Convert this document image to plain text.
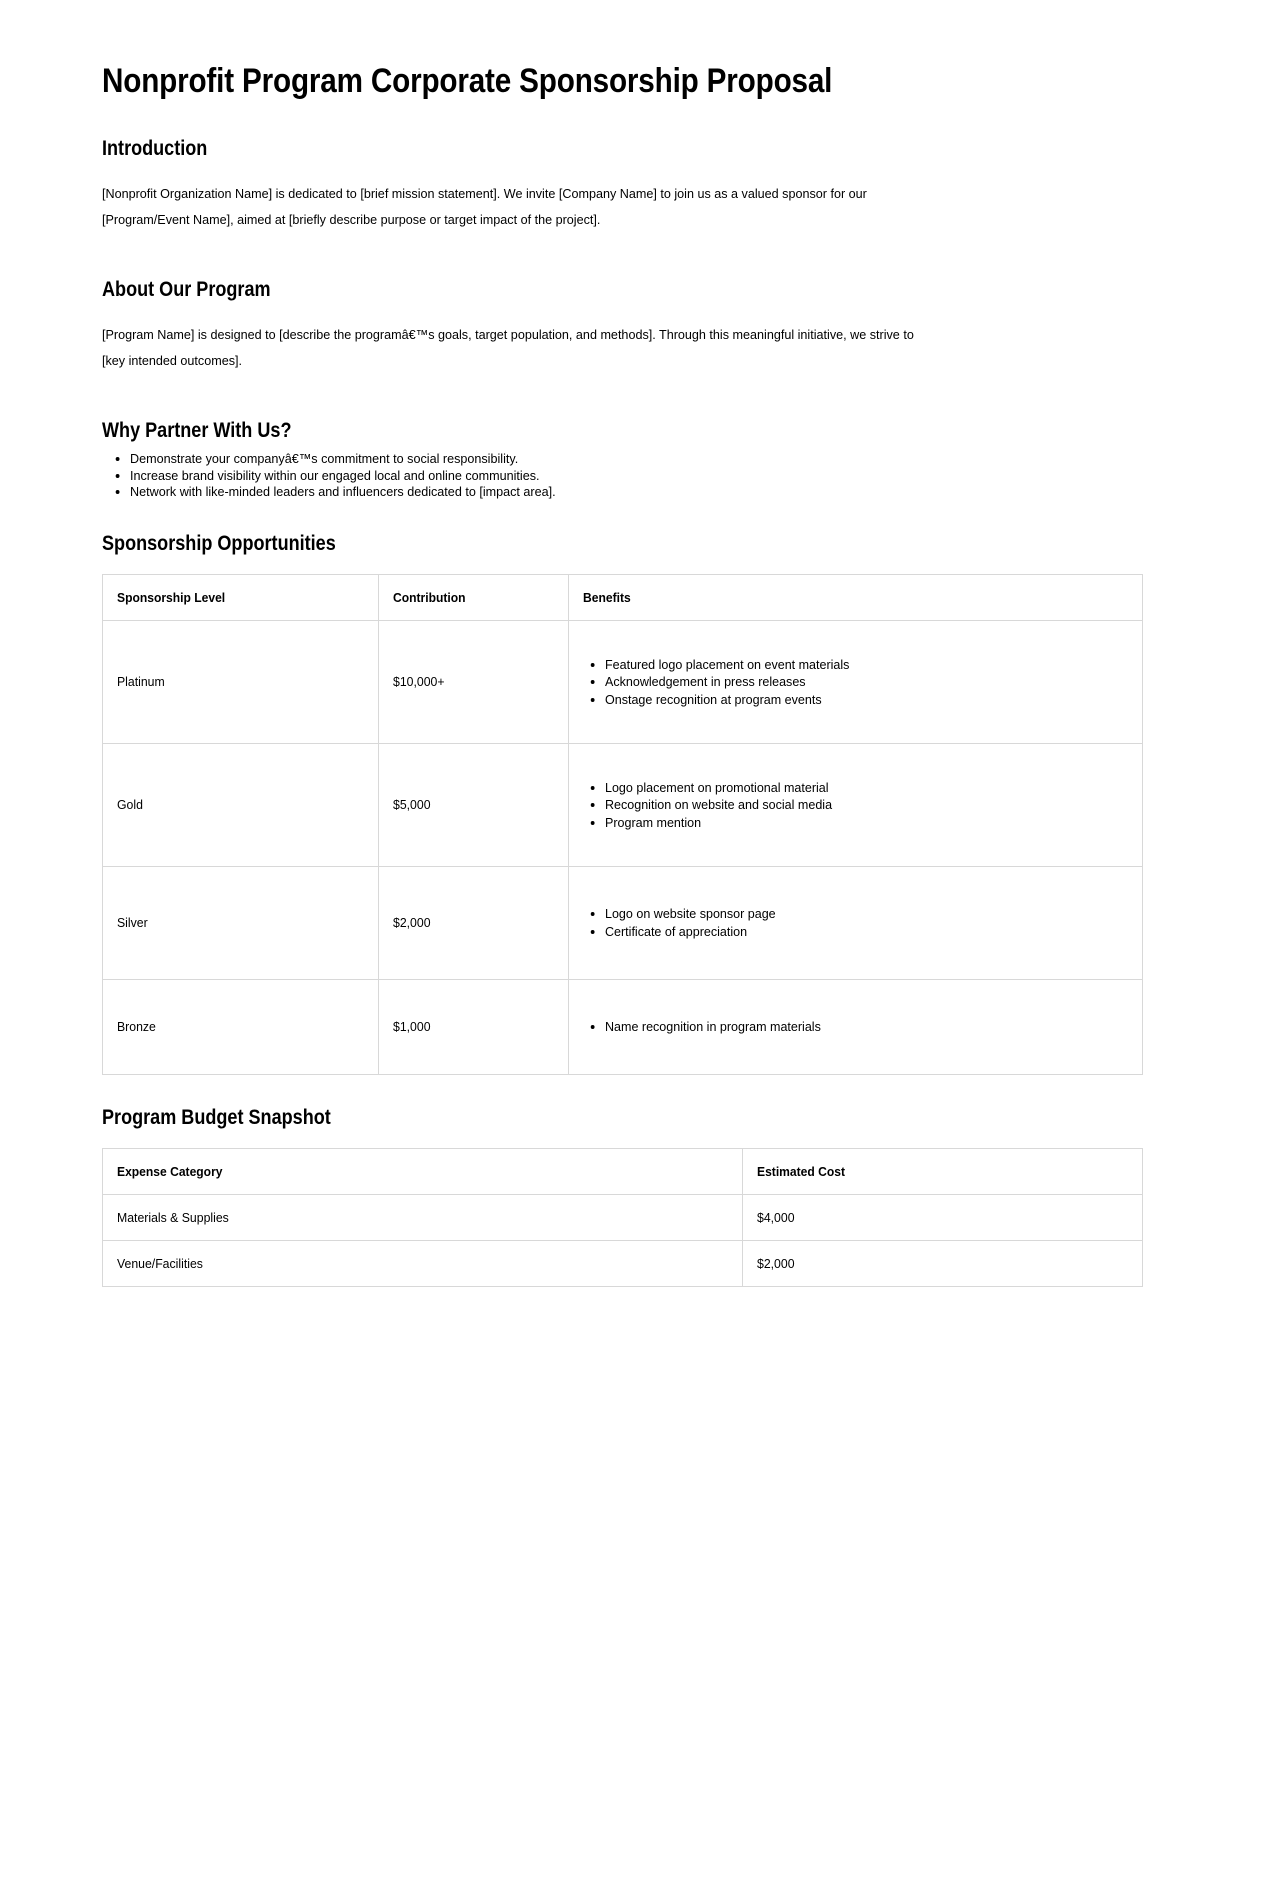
Nonprofit Program Corporate Sponsorship Proposal
Introduction

[Nonprofit Organization Name] is dedicated to [brief mission statement]. We invite [Company Name] to join us as a valued sponsor for our [Program/Event Name], aimed at [briefly describe purpose or target impact of the project].

About Our Program

[Program Name] is designed to [describe the programâ€™s goals, target population, and methods]. Through this meaningful initiative, we strive to [key intended outcomes].

Why Partner With Us?
• Demonstrate your companyâ€™s commitment to social responsibility.
• Increase brand visibility within our engaged local and online communities.
• Network with like-minded leaders and influencers dedicated to [impact area].
Sponsorship Opportunities
Sponsorship Level	Contribution	Benefits
Platinum	$10,000+	
• Featured logo placement on event materials
• Acknowledgement in press releases
• Onstage recognition at program events

Gold	$5,000	
• Logo placement on promotional material
• Recognition on website and social media
• Program mention

Silver	$2,000	
• Logo on website sponsor page
• Certificate of appreciation

Bronze	$1,000	
•Name recognition in program materials
Program Budget Snapshot
Expense Category	Estimated Cost
Materials & Supplies	$4,000
Venue/Facilities	$2,000
